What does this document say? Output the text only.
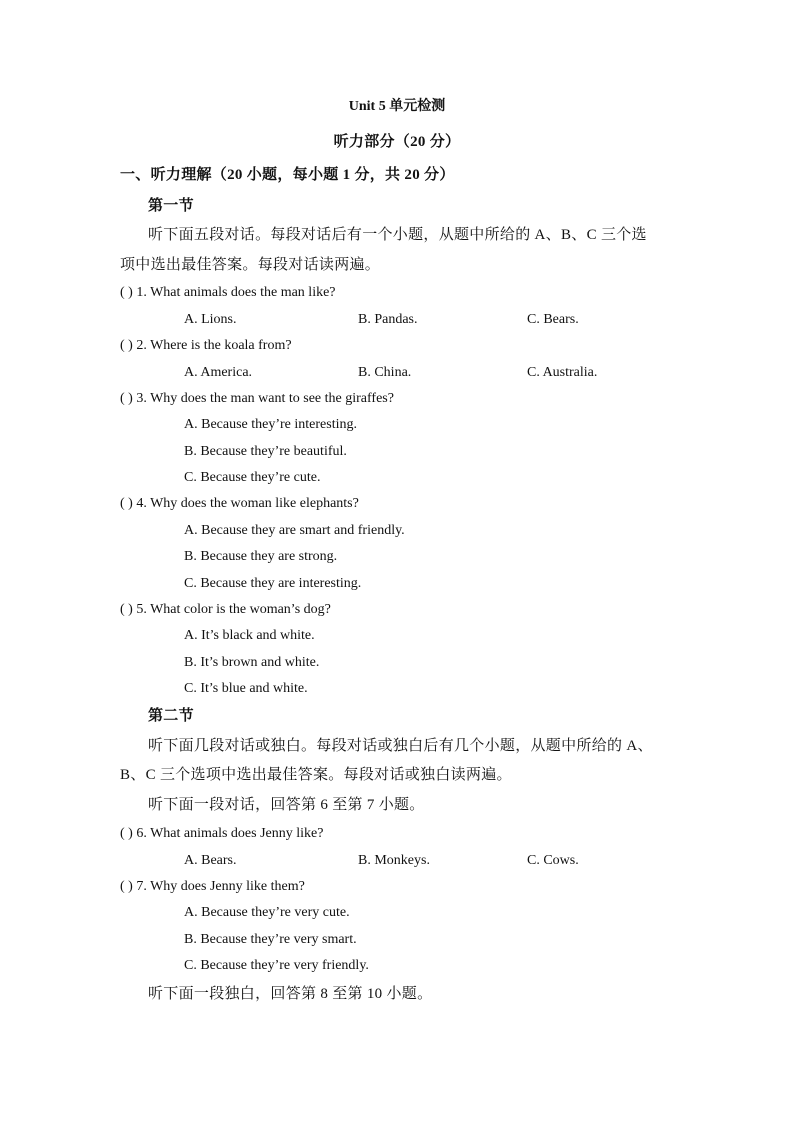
Unit 5 单元检测
听力部分（20 分）
一、听力理解（20 小题，每小题 1 分，共 20 分）
第一节
听下面五段对话。每段对话后有一个小题，从题中所给的 A、B、C 三个选
项中选出最佳答案。每段对话读两遍。
( ) 1. What animals does the man like?
A. Lions.	B. Pandas.	C. Bears.
( ) 2. Where is the koala from?
A. America.	B. China.	C. Australia.
( ) 3. Why does the man want to see the giraffes?
A. Because they’re interesting.
B. Because they’re beautiful.
C. Because they’re cute.
( ) 4. Why does the woman like elephants?
A. Because they are smart and friendly.
B. Because they are strong.
C. Because they are interesting.
( ) 5. What color is the woman’s dog?
A. It’s black and white.
B. It’s brown and white.
C. It’s blue and white.
第二节
听下面几段对话或独白。每段对话或独白后有几个小题，从题中所给的 A、
B、C 三个选项中选出最佳答案。每段对话或独白读两遍。
听下面一段对话，回答第 6 至第 7 小题。
( ) 6. What animals does Jenny like?
A. Bears.	B. Monkeys.	C. Cows.
( ) 7. Why does Jenny like them?
A. Because they’re very cute.
B. Because they’re very smart.
C. Because they’re very friendly.
听下面一段独白，回答第 8 至第 10 小题。
